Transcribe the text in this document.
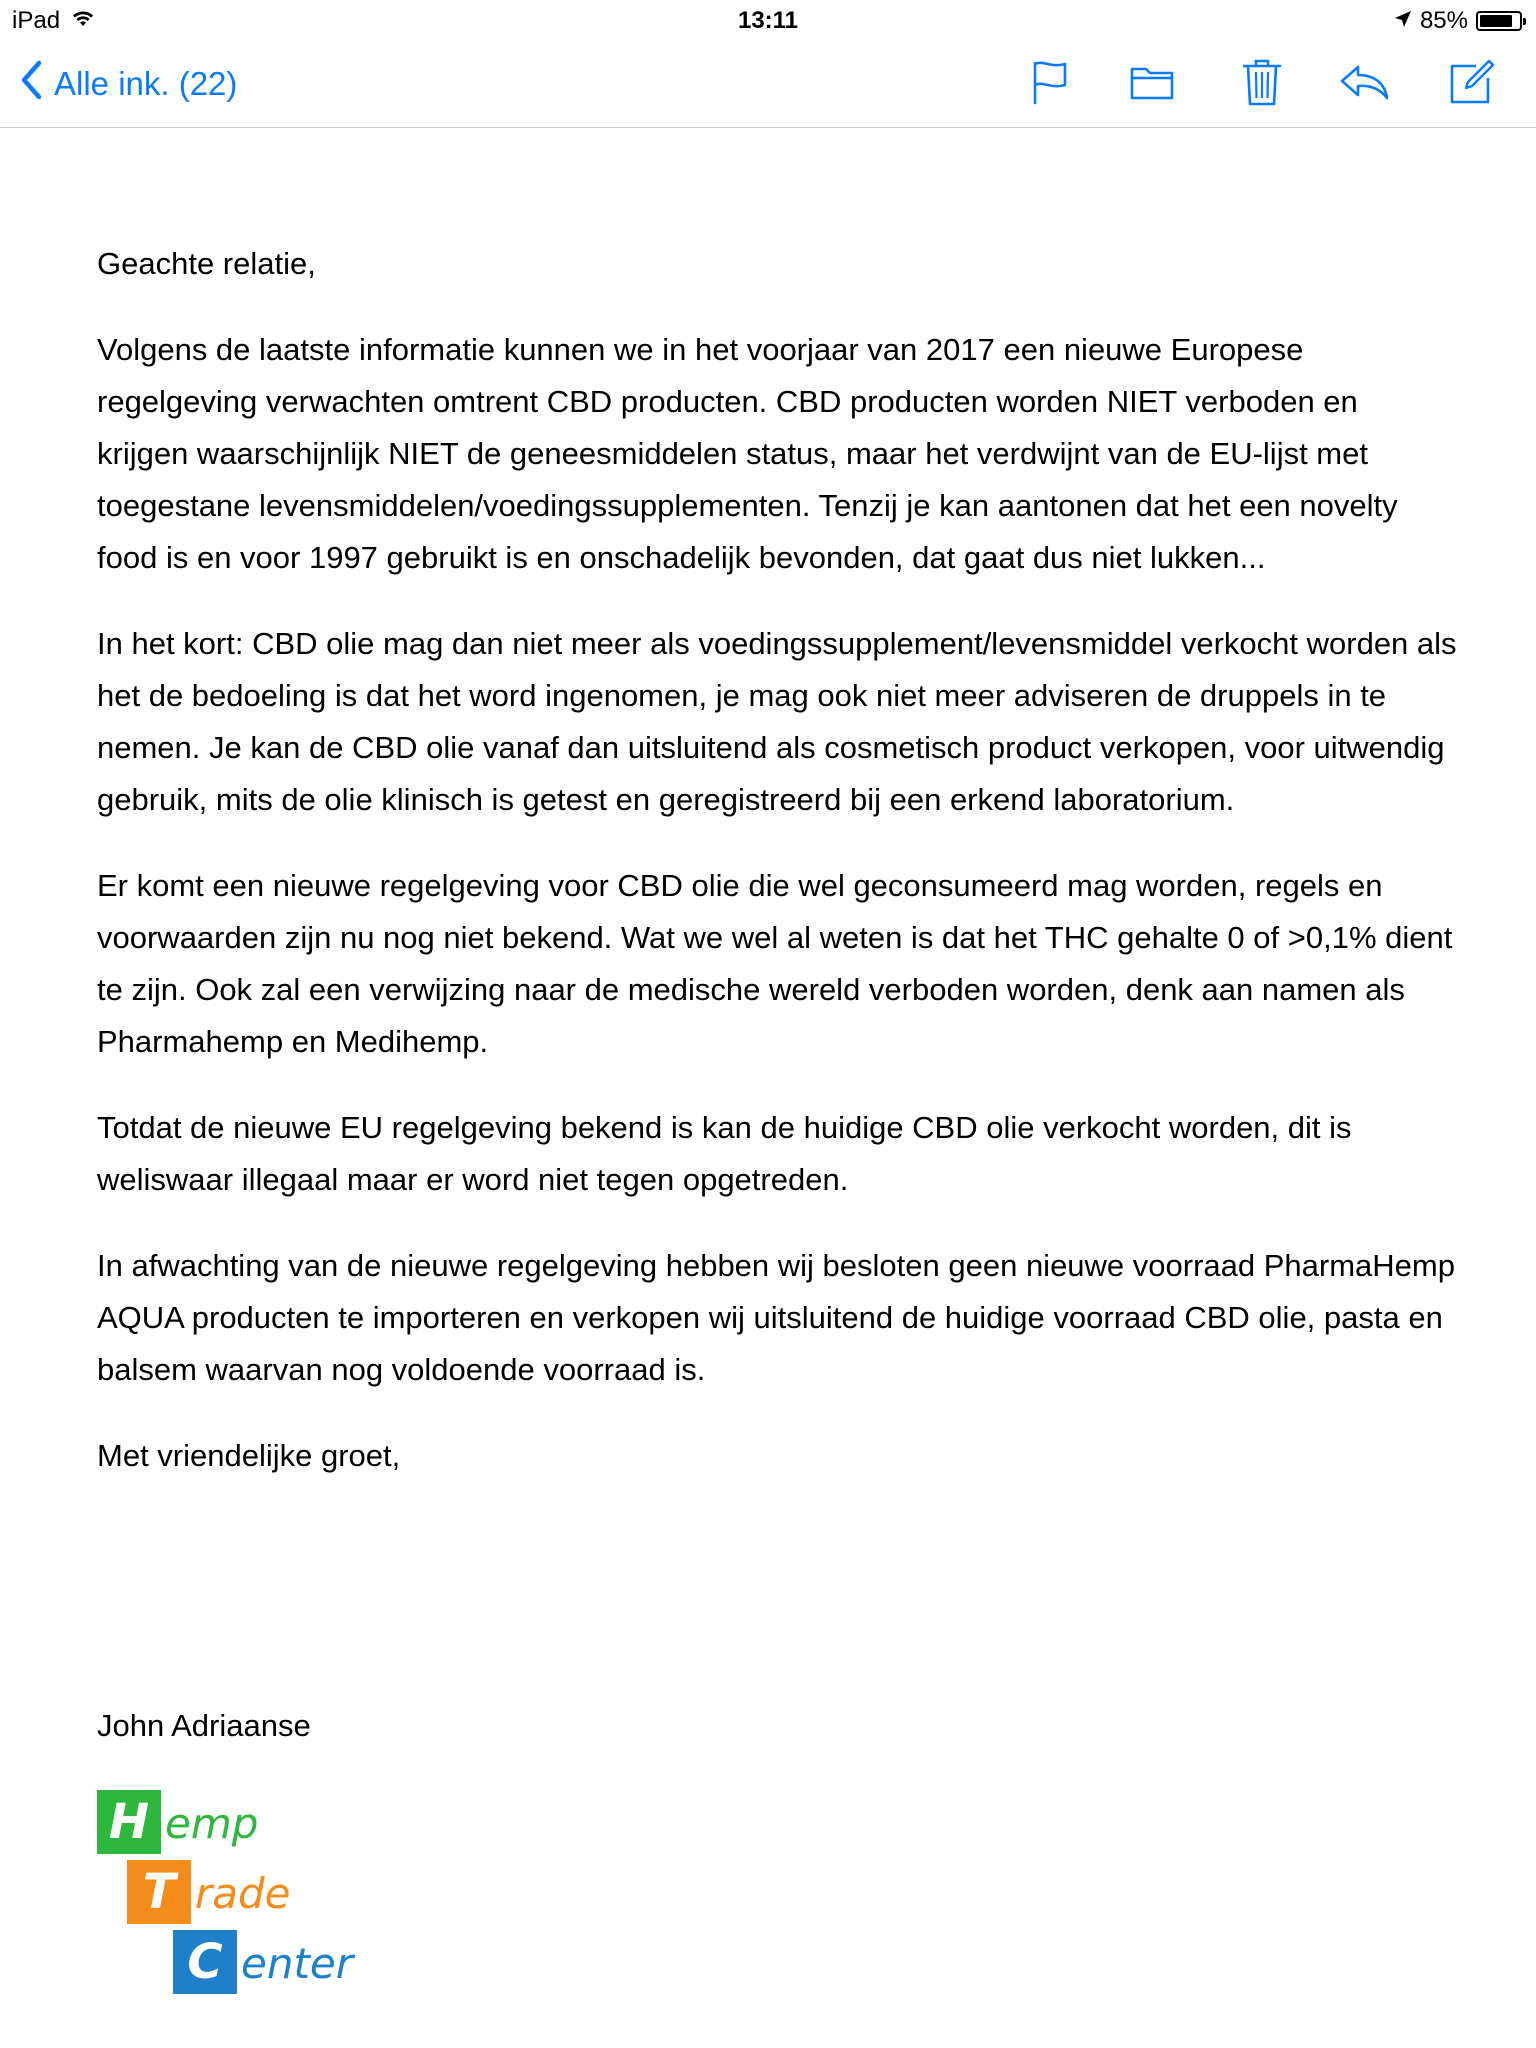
iPad	13:11	85%
Alle ink. (22)

Geachte relatie,

Volgens de laatste informatie kunnen we in het voorjaar van 2017 een nieuwe Europese regelgeving verwachten omtrent CBD producten. CBD producten worden NIET verboden en krijgen waarschijnlijk NIET de geneesmiddelen status, maar het verdwijnt van de EU-lijst met toegestane levensmiddelen/voedingssupplementen. Tenzij je kan aantonen dat het een novelty food is en voor 1997 gebruikt is en onschadelijk bevonden, dat gaat dus niet lukken...

In het kort: CBD olie mag dan niet meer als voedingssupplement/levensmiddel verkocht worden als het de bedoeling is dat het word ingenomen, je mag ook niet meer adviseren de druppels in te nemen. Je kan de CBD olie vanaf dan uitsluitend als cosmetisch product verkopen, voor uitwendig gebruik, mits de olie klinisch is getest en geregistreerd bij een erkend laboratorium.

Er komt een nieuwe regelgeving voor CBD olie die wel geconsumeerd mag worden, regels en voorwaarden zijn nu nog niet bekend. Wat we wel al weten is dat het THC gehalte 0 of >0,1% dient te zijn. Ook zal een verwijzing naar de medische wereld verboden worden, denk aan namen als Pharmahemp en Medihemp.

Totdat de nieuwe EU regelgeving bekend is kan de huidige CBD olie verkocht worden, dit is weliswaar illegaal maar er word niet tegen opgetreden.

In afwachting van de nieuwe regelgeving hebben wij besloten geen nieuwe voorraad PharmaHemp AQUA producten te importeren en verkopen wij uitsluitend de huidige voorraad CBD olie, pasta en balsem waarvan nog voldoende voorraad is.

Met vriendelijke groet,

John Adriaanse
H emp
T rade
C enter
